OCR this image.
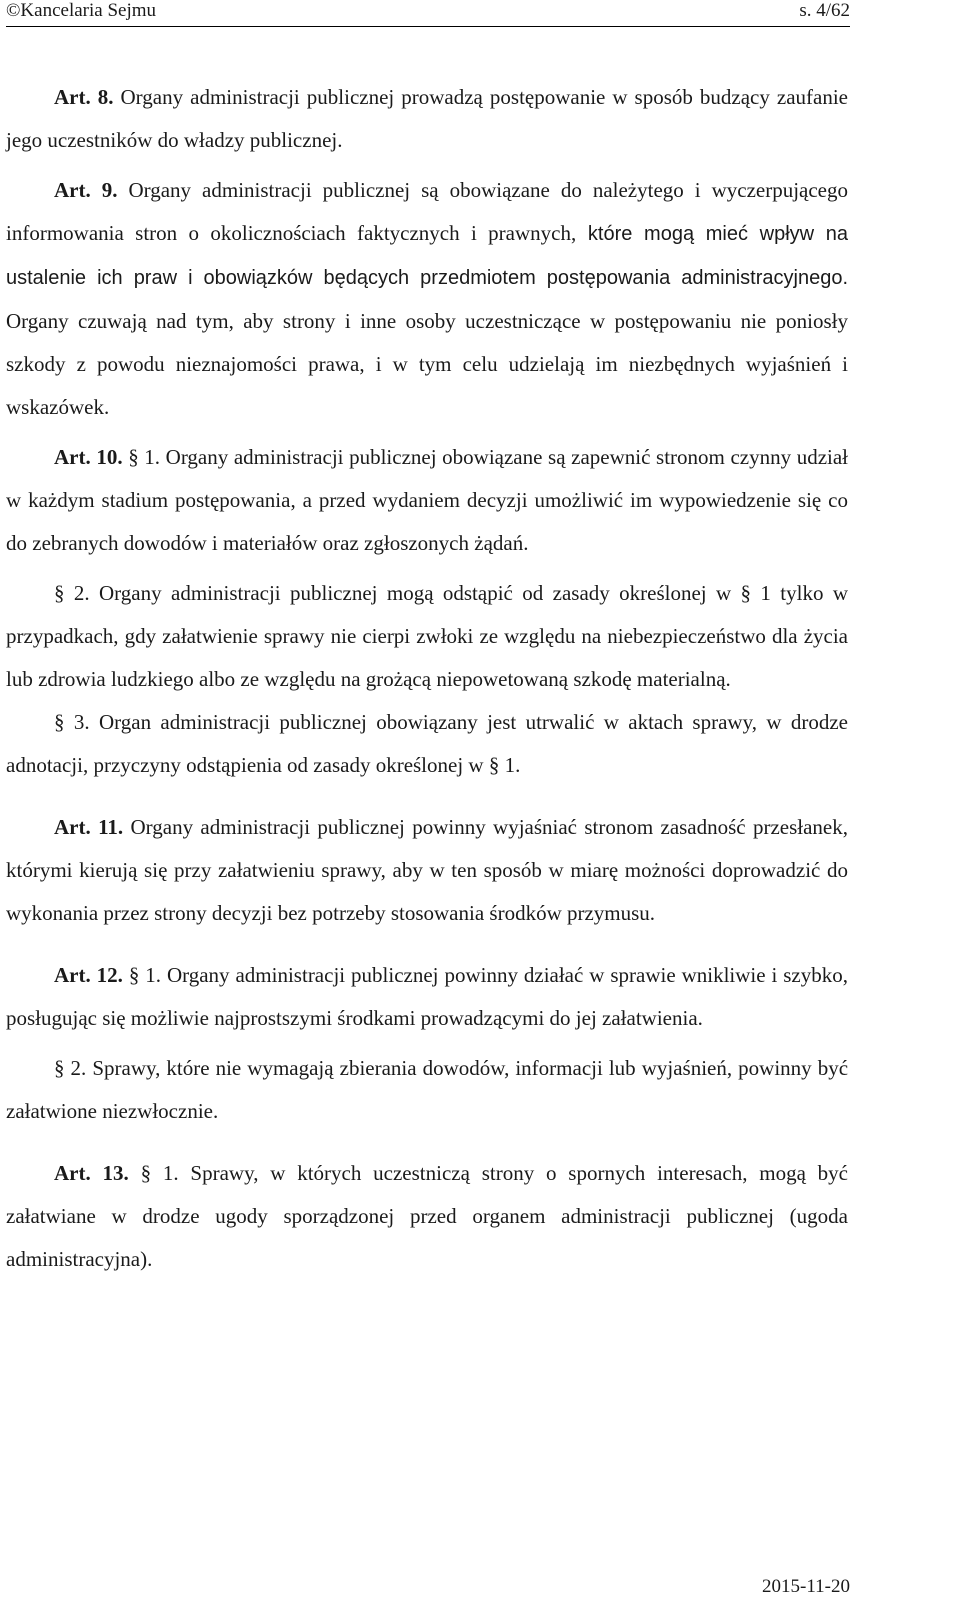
©Kancelaria Sejmu	s. 4/62

Art. 8. Organy administracji publicznej prowadzą postępowanie w sposób budzący zaufanie jego uczestników do władzy publicznej.

Art. 9. Organy administracji publicznej są obowiązane do należytego i wyczerpującego informowania stron o okolicznościach faktycznych i prawnych, które mogą mieć wpływ na ustalenie ich praw i obowiązków będących przedmiotem postępowania administracyjnego. Organy czuwają nad tym, aby strony i inne osoby uczestniczące w postępowaniu nie poniosły szkody z powodu nieznajomości prawa, i w tym celu udzielają im niezbędnych wyjaśnień i wskazówek.

Art. 10. § 1. Organy administracji publicznej obowiązane są zapewnić stronom czynny udział w każdym stadium postępowania, a przed wydaniem decyzji umożliwić im wypowiedzenie się co do zebranych dowodów i materiałów oraz zgłoszonych żądań.

§ 2. Organy administracji publicznej mogą odstąpić od zasady określonej w § 1 tylko w przypadkach, gdy załatwienie sprawy nie cierpi zwłoki ze względu na niebezpieczeństwo dla życia lub zdrowia ludzkiego albo ze względu na grożącą niepowetowaną szkodę materialną.

§ 3. Organ administracji publicznej obowiązany jest utrwalić w aktach sprawy, w drodze adnotacji, przyczyny odstąpienia od zasady określonej w § 1.

Art. 11. Organy administracji publicznej powinny wyjaśniać stronom zasadność przesłanek, którymi kierują się przy załatwieniu sprawy, aby w ten sposób w miarę możności doprowadzić do wykonania przez strony decyzji bez potrzeby stosowania środków przymusu.

Art. 12. § 1. Organy administracji publicznej powinny działać w sprawie wnikliwie i szybko, posługując się możliwie najprostszymi środkami prowadzącymi do jej załatwienia.

§ 2. Sprawy, które nie wymagają zbierania dowodów, informacji lub wyjaśnień, powinny być załatwione niezwłocznie.

Art. 13. § 1. Sprawy, w których uczestniczą strony o spornych interesach, mogą być załatwiane w drodze ugody sporządzonej przed organem administracji publicznej (ugoda administracyjna).

2015-11-20
